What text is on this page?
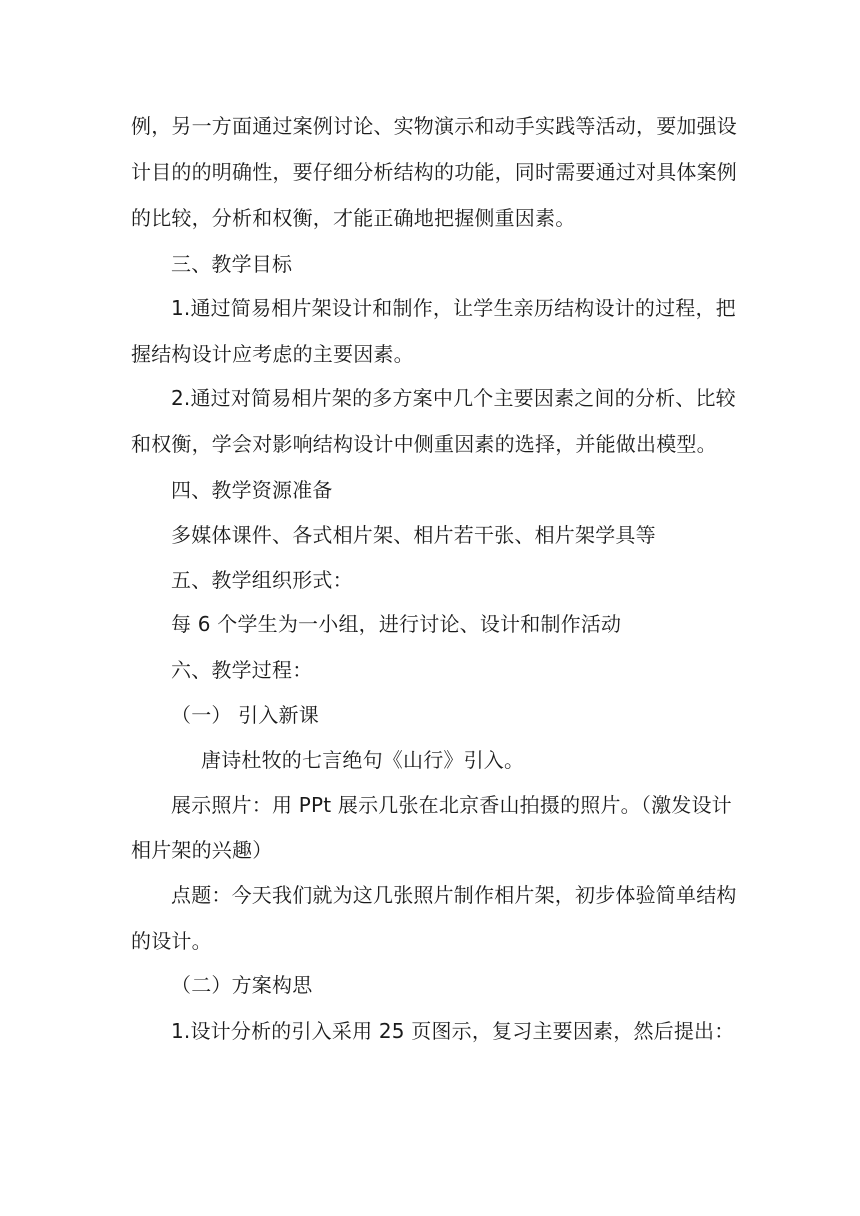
例，另一方面通过案例讨论、实物演示和动手实践等活动，要加强设
计目的的明确性，要仔细分析结构的功能，同时需要通过对具体案例
的比较，分析和权衡，才能正确地把握侧重因素。
三、教学目标
1.通过简易相片架设计和制作，让学生亲历结构设计的过程，把
握结构设计应考虑的主要因素。
2.通过对简易相片架的多方案中几个主要因素之间的分析、比较
和权衡，学会对影响结构设计中侧重因素的选择，并能做出模型。
四、教学资源准备
多媒体课件、各式相片架、相片若干张、相片架学具等
五、教学组织形式：
每 6 个学生为一小组，进行讨论、设计和制作活动
六、教学过程：
（一） 引入新课
唐诗杜牧的七言绝句《山行》引入。
展示照片：用 PPt 展示几张在北京香山拍摄的照片。（激发设计
相片架的兴趣）
点题：今天我们就为这几张照片制作相片架，初步体验简单结构
的设计。
（二）方案构思
1.设计分析的引入采用 25 页图示，复习主要因素，然后提出：
